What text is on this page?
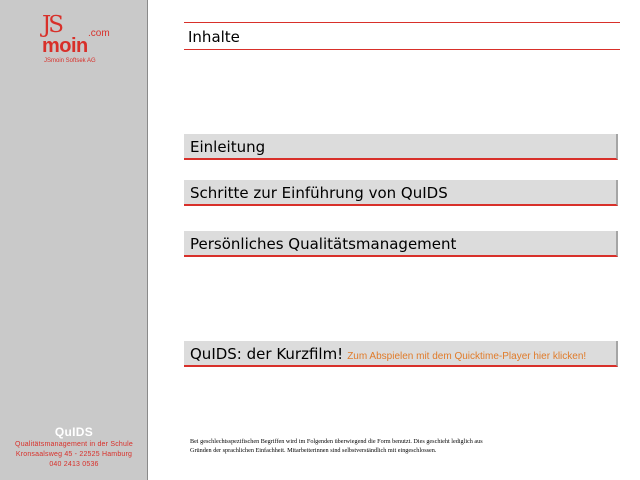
JS	.com
moin
JSmoin Softsek AG
QuIDS
Qualitätsmanagement in der Schule
Kronsaalsweg 45 - 22525 Hamburg
040 2413 0536
Inhalte
Einleitung
Schritte zur Einführung von QuIDS
Persönliches Qualitätsmanagement
QuIDS: der Kurzfilm! Zum Abspielen mit dem Quicktime-Player hier klicken!
Bei geschlechtsspezifischen Begriffen wird im Folgenden überwiegend die Form benutzt. Dies geschieht lediglich aus
Gründen der sprachlichen Einfachheit. Mitarbeiterinnen sind selbstverständlich mit eingeschlossen.
